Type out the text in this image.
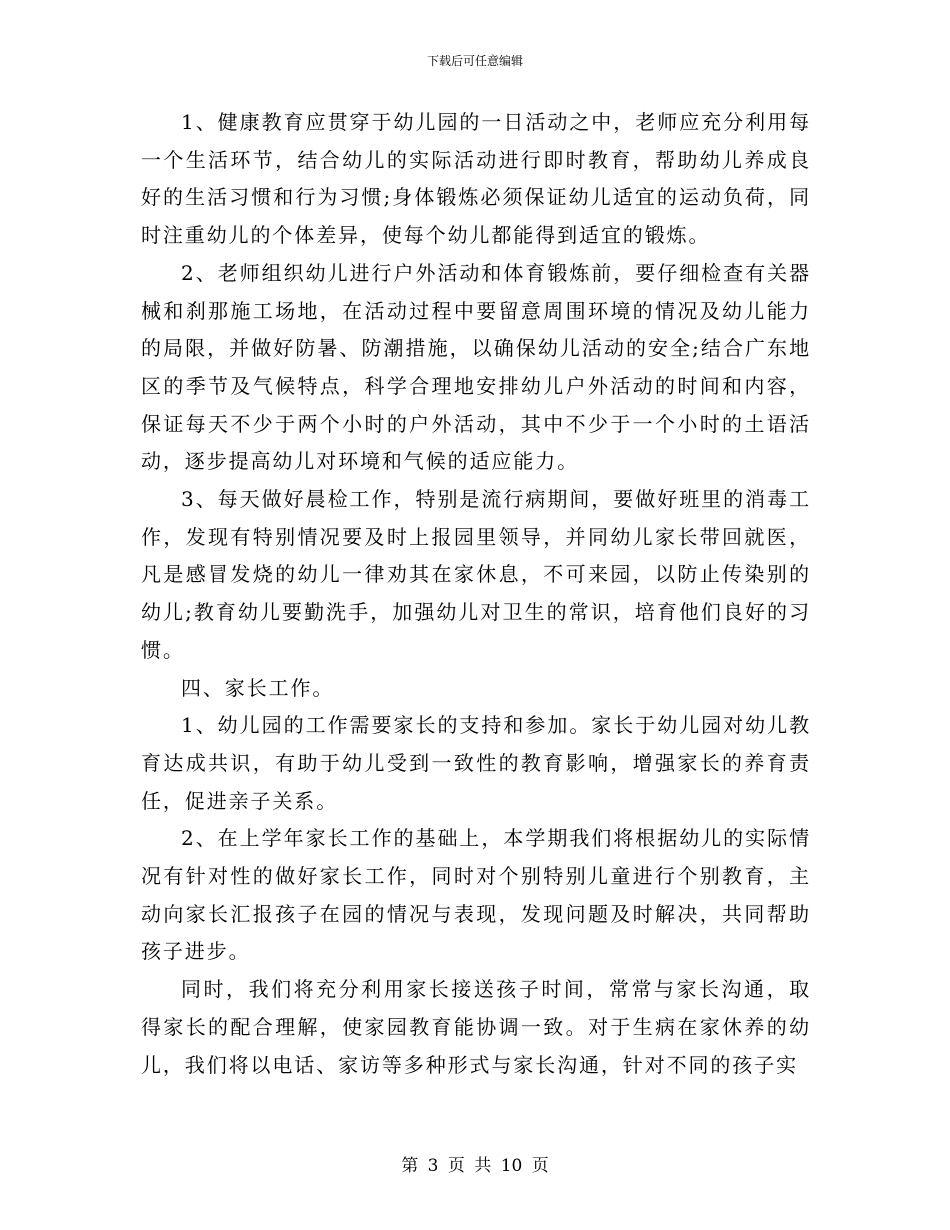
下载后可任意编辑

1、健康教育应贯穿于幼儿园的一日活动之中，老师应充分利用每一个生活环节，结合幼儿的实际活动进行即时教育，帮助幼儿养成良好的生活习惯和行为习惯;身体锻炼必须保证幼儿适宜的运动负荷，同时注重幼儿的个体差异，使每个幼儿都能得到适宜的锻炼。

2、老师组织幼儿进行户外活动和体育锻炼前，要仔细检查有关器械和刹那施工场地，在活动过程中要留意周围环境的情况及幼儿能力的局限，并做好防暑、防潮措施，以确保幼儿活动的安全;结合广东地区的季节及气候特点，科学合理地安排幼儿户外活动的时间和内容，保证每天不少于两个小时的户外活动，其中不少于一个小时的土语活动，逐步提高幼儿对环境和气候的适应能力。

3、每天做好晨检工作，特别是流行病期间，要做好班里的消毒工作，发现有特别情况要及时上报园里领导，并同幼儿家长带回就医，凡是感冒发烧的幼儿一律劝其在家休息，不可来园，以防止传染别的幼儿;教育幼儿要勤洗手，加强幼儿对卫生的常识，培育他们良好的习惯。

四、家长工作。

1、幼儿园的工作需要家长的支持和参加。家长于幼儿园对幼儿教育达成共识，有助于幼儿受到一致性的教育影响，增强家长的养育责任，促进亲子关系。

2、在上学年家长工作的基础上，本学期我们将根据幼儿的实际情况有针对性的做好家长工作，同时对个别特别儿童进行个别教育，主动向家长汇报孩子在园的情况与表现，发现问题及时解决，共同帮助孩子进步。

同时，我们将充分利用家长接送孩子时间，常常与家长沟通，取得家长的配合理解，使家园教育能协调一致。对于生病在家休养的幼儿，我们将以电话、家访等多种形式与家长沟通，针对不同的孩子实

第 3 页 共 10 页
